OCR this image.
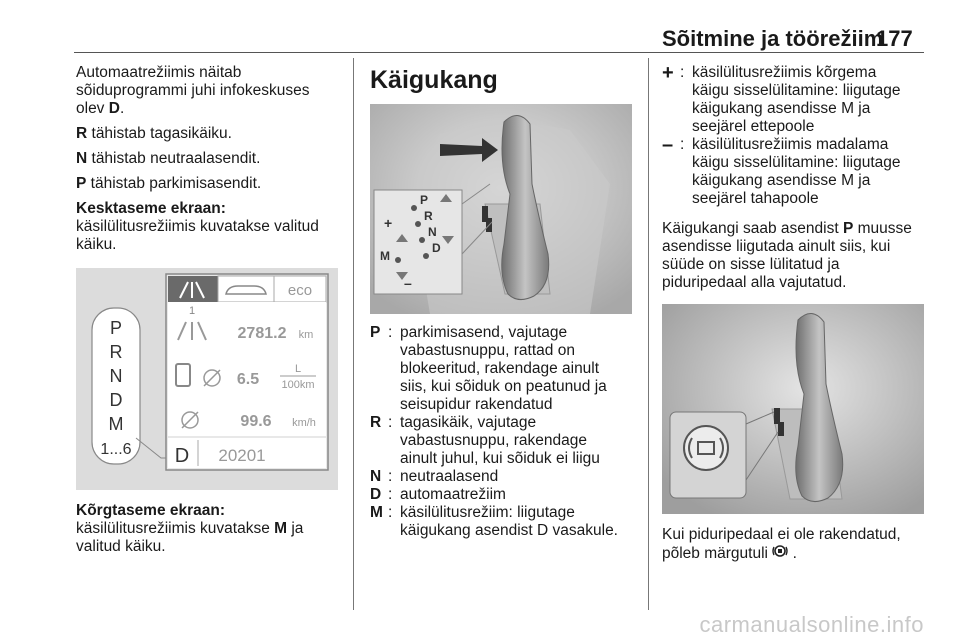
Sõitmine ja töörežiim
177

Automaatrežiimis näitab
sõiduprogrammi juhi infokeskuses
olev D.

R tähistab tagasikäiku.

N tähistab neutraalasendit.

P tähistab parkimisasendit.

Kesktaseme ekraan:
käsilülitusrežiimis kuvatakse valitud
käiku.

P
R
N
D
M
1...6
eco
1
2781.2 km
6.5
L
100km
99.6 km/h
D 20201

Kõrgtaseme ekraan:
käsilülitusrežiimis kuvatakse M ja
valitud käiku.

Käigukang
P
R
N
D
M
+
–
P : parkimisasend, vajutage
vabastusnuppu, rattad on
blokeeritud, rakendage ainult
siis, kui sõiduk on peatunud ja
seisupidur rakendatud
R : tagasikäik, vajutage
vabastusnuppu, rakendage
ainult juhul, kui sõiduk ei liigu
N : neutraalasend
D : automaatrežiim
M : käsilülitusrežiim: liigutage
käigukang asendist D vasakule.
+ : käsilülitusrežiimis kõrgema
käigu sisselülitamine: liigutage
käigukang asendisse M ja
seejärel ettepoole
– : käsilülitusrežiimis madalama
käigu sisselülitamine: liigutage
käigukang asendisse M ja
seejärel tahapoole

Käigukangi saab asendist P muusse
asendisse liigutada ainult siis, kui
süüde on sisse lülitatud ja
piduripedaal alla vajutatud.

Kui piduripedaal ei ole rakendatud,
põleb märgutuli  .

carmanualsonline.info
